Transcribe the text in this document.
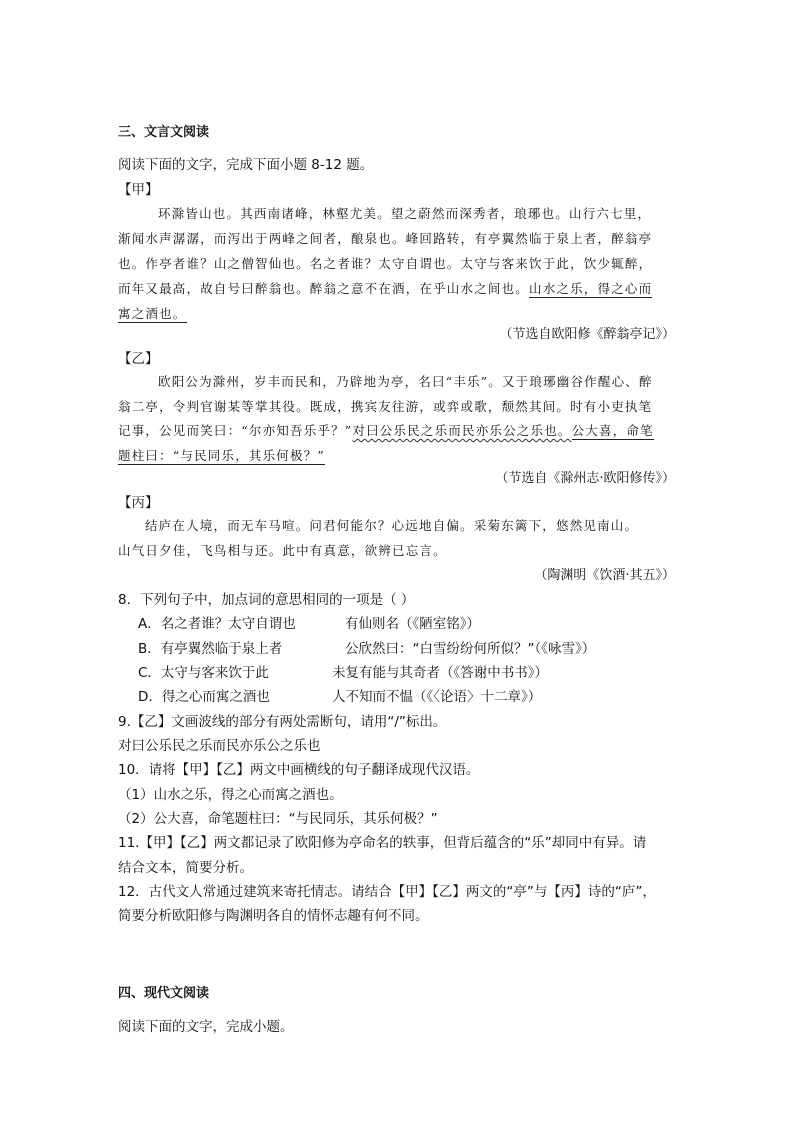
三、文言文阅读
阅读下面的文字，完成下面小题 8-12 题。
【甲】
环滁皆山也。其西南诸峰，林壑尤美。望之蔚然而深秀者，琅琊也。山行六七里，
渐闻水声潺潺，而泻出于两峰之间者，酿泉也。峰回路转，有亭翼然临于泉上者，醉翁亭
也。作亭者谁？山之僧智仙也。名之者谁？太守自谓也。太守与客来饮于此，饮少辄醉，
而年又最高，故自号曰醉翁也。醉翁之意不在酒，在乎山水之间也。山水之乐，得之心而
寓之酒也。
（节选自欧阳修《醉翁亭记》）
【乙】
欧阳公为滁州，岁丰而民和，乃辟地为亭，名曰“丰乐”。又于琅琊幽谷作醒心、醉
翁二亭，令判官谢某等掌其役。既成，携宾友往游，或弈或歌，颓然其间。时有小吏执笔
记事，公见而笑曰：“尔亦知吾乐乎？”对曰公乐民之乐而民亦乐公之乐也。公大喜，命笔
题柱曰：“与民同乐，其乐何极？”
（节选自《滁州志·欧阳修传》）
【丙】
结庐在人境，而无车马喧。问君何能尔？心远地自偏。采菊东篱下，悠然见南山。
山气日夕佳，飞鸟相与还。此中有真意，欲辨已忘言。
（陶渊明《饮酒·其五》）
8．下列句子中，加点词的意思相同的一项是（ ）
A．名之者谁？太守自谓也	有仙则名（《陋室铭》）
B．有亭翼然临于泉上者	公欣然曰：“白雪纷纷何所似？”（《咏雪》）
C．太守与客来饮于此	未复有能与其奇者（《答谢中书书》）
D．得之心而寓之酒也	人不知而不愠（《〈论语〉十二章》）
9.【乙】文画波线的部分有两处需断句，请用“/”标出。
对曰公乐民之乐而民亦乐公之乐也
10．请将【甲】【乙】两文中画横线的句子翻译成现代汉语。
（1）山水之乐，得之心而寓之酒也。
（2）公大喜，命笔题柱曰：“与民同乐，其乐何极？”
11.【甲】【乙】两文都记录了欧阳修为亭命名的轶事，但背后蕴含的“乐”却同中有异。请
结合文本，简要分析。
12．古代文人常通过建筑来寄托情志。请结合【甲】【乙】两文的“亭”与【丙】诗的“庐”，
简要分析欧阳修与陶渊明各自的情怀志趣有何不同。
四、现代文阅读
阅读下面的文字，完成小题。
